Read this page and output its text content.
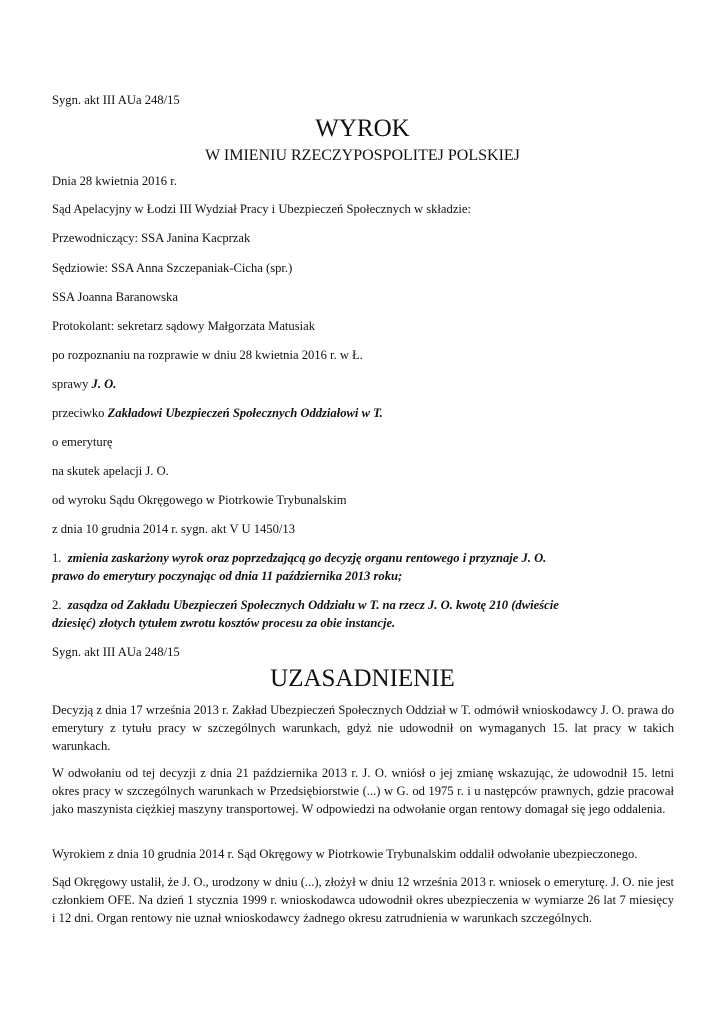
Sygn. akt III AUa 248/15
WYROK
W IMIENIU RZECZYPOSPOLITEJ POLSKIEJ
Dnia 28 kwietnia 2016 r.
Sąd Apelacyjny w Łodzi III Wydział Pracy i Ubezpieczeń Społecznych w składzie:
Przewodniczący: SSA Janina Kacprzak
Sędziowie: SSA Anna Szczepaniak-Cicha (spr.)
SSA Joanna Baranowska
Protokolant: sekretarz sądowy Małgorzata Matusiak
po rozpoznaniu na rozprawie w dniu 28 kwietnia 2016 r. w Ł.
sprawy J. O.
przeciwko Zakładowi Ubezpieczeń Społecznych Oddziałowi w T.
o emeryturę
na skutek apelacji J. O.
od wyroku Sądu Okręgowego w Piotrkowie Trybunalskim
z dnia 10 grudnia 2014 r. sygn. akt V U 1450/13
1. zmienia zaskarżony wyrok oraz poprzedzającą go decyzję organu rentowego i przyznaje J. O.
prawo do emerytury poczynając od dnia 11 października 2013 roku;
2. zasądza od Zakładu Ubezpieczeń Społecznych Oddziału w T. na rzecz J. O. kwotę 210 (dwieście
dziesięć) złotych tytułem zwrotu kosztów procesu za obie instancje.
Sygn. akt III AUa 248/15
UZASADNIENIE
Decyzją z dnia 17 września 2013 r. Zakład Ubezpieczeń Społecznych Oddział w T. odmówił wnioskodawcy J. O. prawa do emerytury z tytułu pracy w szczególnych warunkach, gdyż nie udowodnił on wymaganych 15. lat pracy w takich warunkach.
W odwołaniu od tej decyzji z dnia 21 października 2013 r. J. O. wniósł o jej zmianę wskazując, że udowodnił 15. letni okres pracy w szczególnych warunkach w Przedsiębiorstwie (...) w G. od 1975 r. i u następców prawnych, gdzie pracował jako maszynista ciężkiej maszyny transportowej. W odpowiedzi na odwołanie organ rentowy domagał się jego oddalenia.
Wyrokiem z dnia 10 grudnia 2014 r. Sąd Okręgowy w Piotrkowie Trybunalskim oddalił odwołanie ubezpieczonego.
Sąd Okręgowy ustalił, że J. O., urodzony w dniu (...), złożył w dniu 12 września 2013 r. wniosek o emeryturę. J. O. nie jest członkiem OFE. Na dzień 1 stycznia 1999 r. wnioskodawca udowodnił okres ubezpieczenia w wymiarze 26 lat 7 miesięcy i 12 dni. Organ rentowy nie uznał wnioskodawcy żadnego okresu zatrudnienia w warunkach szczególnych.
